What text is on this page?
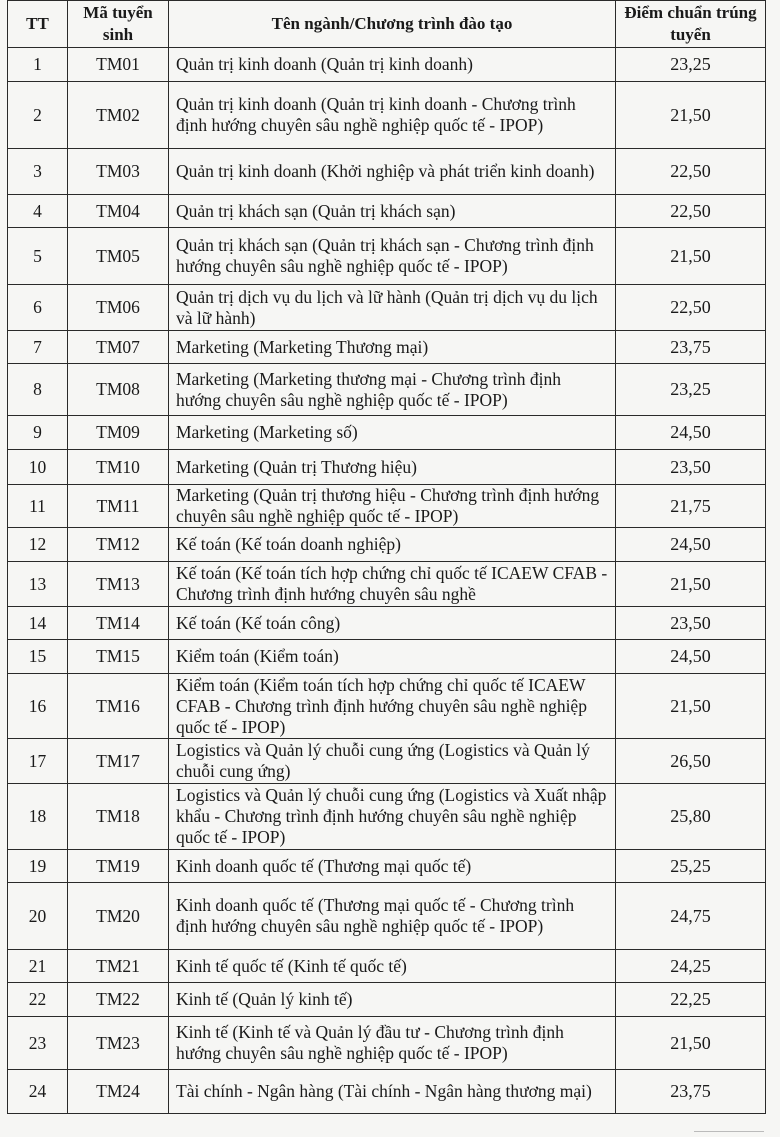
TT	Mã tuyển sinh	Tên ngành/Chương trình đào tạo	Điểm chuẩn trúng tuyển
1	TM01	Quản trị kinh doanh (Quản trị kinh doanh)	23,25
2	TM02	Quản trị kinh doanh (Quản trị kinh doanh - Chương trình định hướng chuyên sâu nghề nghiệp quốc tế - IPOP)	21,50
3	TM03	Quản trị kinh doanh (Khởi nghiệp và phát triển kinh doanh)	22,50
4	TM04	Quản trị khách sạn (Quản trị khách sạn)	22,50
5	TM05	Quản trị khách sạn (Quản trị khách sạn - Chương trình định hướng chuyên sâu nghề nghiệp quốc tế - IPOP)	21,50
6	TM06	Quản trị dịch vụ du lịch và lữ hành (Quản trị dịch vụ du lịch và lữ hành)	22,50
7	TM07	Marketing (Marketing Thương mại)	23,75
8	TM08	Marketing (Marketing thương mại - Chương trình định hướng chuyên sâu nghề nghiệp quốc tế - IPOP)	23,25
9	TM09	Marketing (Marketing số)	24,50
10	TM10	Marketing (Quản trị Thương hiệu)	23,50
11	TM11	Marketing (Quản trị thương hiệu - Chương trình định hướng chuyên sâu nghề nghiệp quốc tế - IPOP)	21,75
12	TM12	Kế toán (Kế toán doanh nghiệp)	24,50
13	TM13	Kế toán (Kế toán tích hợp chứng chỉ quốc tế ICAEW CFAB - Chương trình định hướng chuyên sâu nghề	21,50
14	TM14	Kế toán (Kế toán công)	23,50
15	TM15	Kiểm toán (Kiểm toán)	24,50
16	TM16	Kiểm toán (Kiểm toán tích hợp chứng chỉ quốc tế ICAEW CFAB - Chương trình định hướng chuyên sâu nghề nghiệp quốc tế - IPOP)	21,50
17	TM17	Logistics và Quản lý chuỗi cung ứng (Logistics và Quản lý chuỗi cung ứng)	26,50
18	TM18	Logistics và Quản lý chuỗi cung ứng (Logistics và Xuất nhập khẩu - Chương trình định hướng chuyên sâu nghề nghiệp quốc tế - IPOP)	25,80
19	TM19	Kinh doanh quốc tế (Thương mại quốc tế)	25,25
20	TM20	Kinh doanh quốc tế (Thương mại quốc tế - Chương trình định hướng chuyên sâu nghề nghiệp quốc tế - IPOP)	24,75
21	TM21	Kinh tế quốc tế (Kinh tế quốc tế)	24,25
22	TM22	Kinh tế (Quản lý kinh tế)	22,25
23	TM23	Kinh tế (Kinh tế và Quản lý đầu tư - Chương trình định hướng chuyên sâu nghề nghiệp quốc tế - IPOP)	21,50
24	TM24	Tài chính - Ngân hàng (Tài chính - Ngân hàng thương mại)	23,75
